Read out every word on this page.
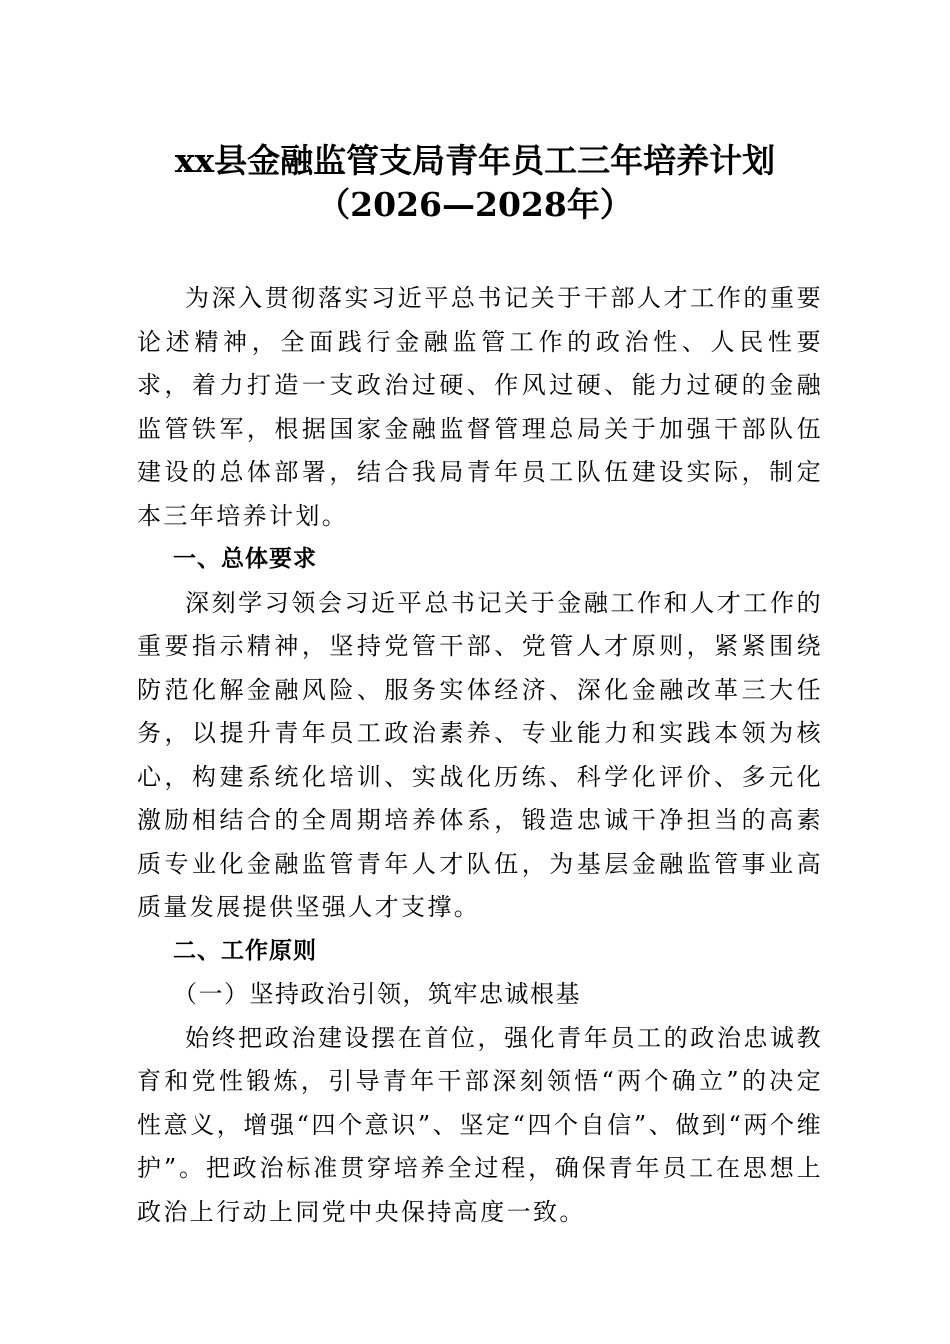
xx县金融监管支局青年员工三年培养计划
（2026—2028年）

为深入贯彻落实习近平总书记关于干部人才工作的重要论述精神，全面践行金融监管工作的政治性、人民性要求，着力打造一支政治过硬、作风过硬、能力过硬的金融监管铁军，根据国家金融监督管理总局关于加强干部队伍建设的总体部署，结合我局青年员工队伍建设实际，制定本三年培养计划。

一、总体要求

深刻学习领会习近平总书记关于金融工作和人才工作的重要指示精神，坚持党管干部、党管人才原则，紧紧围绕防范化解金融风险、服务实体经济、深化金融改革三大任务，以提升青年员工政治素养、专业能力和实践本领为核心，构建系统化培训、实战化历练、科学化评价、多元化激励相结合的全周期培养体系，锻造忠诚干净担当的高素质专业化金融监管青年人才队伍，为基层金融监管事业高质量发展提供坚强人才支撑。

二、工作原则

（一）坚持政治引领，筑牢忠诚根基

始终把政治建设摆在首位，强化青年员工的政治忠诚教育和党性锻炼，引导青年干部深刻领悟“两个确立”的决定性意义，增强“四个意识”、坚定“四个自信”、做到“两个维护”。把政治标准贯穿培养全过程，确保青年员工在思想上政治上行动上同党中央保持高度一致。
